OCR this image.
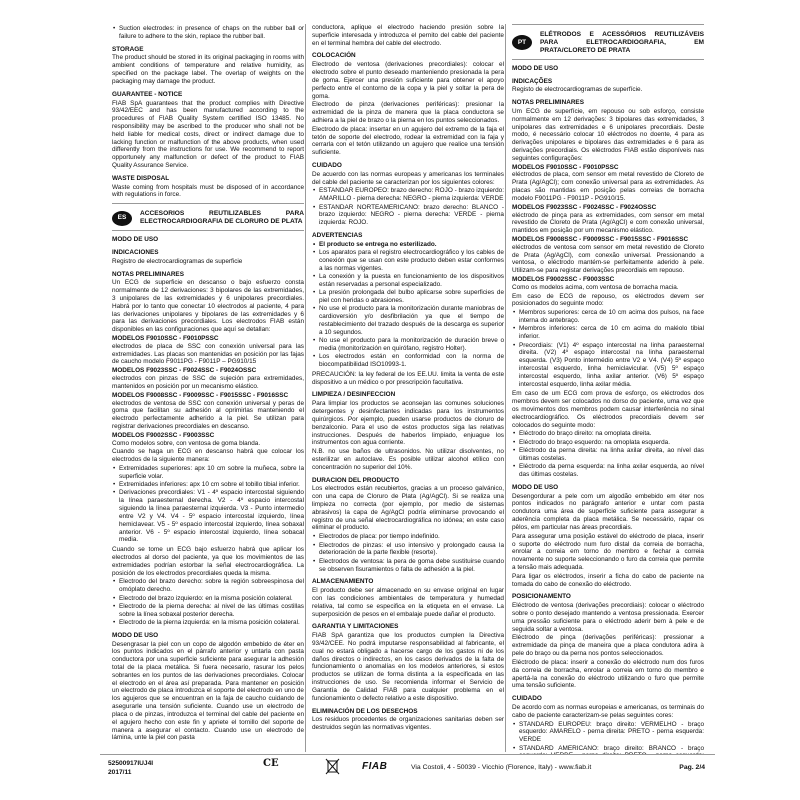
• Suction electrodes: in presence of chaps on the rubber ball or failure to adhere to the skin, replace the rubber ball.
STORAGE
The product should be stored in its original packaging in rooms with ambient conditions of temperature and relative humidity, as specified on the package label. The overlap of weights on the packaging may damage the product.
GUARANTEE - NOTICE
FIAB SpA guarantees that the product complies with Directive 93/42/EEC and has been manufactured according to the procedures of FIAB Quality System certified ISO 13485. No responsibility may be ascribed to the producer who shall not be held liable for medical costs, direct or indirect damage due to lacking function or malfunction of the above products, when used differently from the instructions for use. We recommend to report opportunely any malfunction or defect of the product to FIAB Quality Assurance Service.
WASTE DISPOSAL
Waste coming from hospitals must be disposed of in accordance with regulations in force.
ES
ACCESORIOS REUTILIZABLES PARA ELECTROCARDIOGRAFIA DE CLORURO DE PLATA
MODO DE USO
INDICACIONES
Registro de electrocardiogramas de superficie
NOTAS PRELIMINARES
Un ECG de superficie en descanso o bajo esfuerzo consta normalmente de 12 derivaciones: 3 bipolares de las extremidades, 3 unipolares de las extremidades y 6 unipolares precordiales. Habrá por lo tanto que conectar 10 electrodos al paciente, 4 para las derivaciones unipolares y bipolares de las extremidades y 6 para las derivaciones precordiales. Los electrodos FIAB están disponibles en las configuraciones que aquí se detallan:
MODELOS F9010SSC - F9010PSSC
electrodos de placa de SSC con conexión universal para las extremidades. Las placas son mantenidas en posición por las fajas de caucho modelo F9011PG - F9011P – PG910/15
MODELOS F9023SSC - F9024SSC - F9024OSSC
electrodos con pinzas de SSC de sujeción para extremidades, mantenidos en posición por un mecanismo elástico.
MODELOS F9008SSC - F9009SSC - F9015SSC - F9016SSC
electrodos de ventosa de SSC con conexión universal y peras de goma que facilitan su adhesión al oprimirlas manteniendo el electrodo perfectamente adherido a la piel. Se utilizan para registrar derivaciones precordiales en descanso.
MODELOS F9002SSC - F9003SSC
Como modelos sobre, con ventosa de goma blanda.
Cuando se haga un ECG en descanso habrá que colocar los electrodos de la siguiente manera:
• Extremidades superiores: apx 10 cm sobre la muñeca, sobre la superficie volar.
• Extremidades inferiores: apx 10 cm sobre el tobillo tibial inferior.
• Derivaciones precordiales: V1 - 4º espacio intercostal siguiendo la línea paraesternal derecha. V2 - 4º espacio intercostal siguiendo la línea paraesternal izquierda. V3 - Punto intermedio entre V2 y V4. V4 - 5º espacio intercostal izquierdo, línea hemiclavear. V5 - 5º espacio intercostal izquierdo, línea sobaxal anterior. V6 - 5º espacio intercostal izquierdo, línea sobacal media.
Cuando se tome un ECG bajo esfuerzo habrá que aplicar los electrodos al dorso del paciente, ya que los movimientos de las extremidades podrían estorbar la señal electrocardiográfica. La posición de los electrodos precordiales queda la misma.
• Electrodo del brazo derecho: sobre la región sobreespinosa del omóplato derecho.
• Electrodo del brazo izquierdo: en la misma posición colateral.
• Electrodo de la pierna derecha: al nivel de las últimas costillas sobre la línea sobaxal posterior derecha.
• Electrodo de la pierna izquierda: en la misma posición colateral.
MODO DE USO
Desengrasar la piel con un copo de algodón embebido de éter en los puntos indicados en el párrafo anterior y untarla con pasta conductora por una superficie suficiente para asegurar la adhesión total de la placa metálica. Si fuera necesario, rasurar los pelos sobrantes en los puntos de las derivaciones precordiales. Colocar el electrodo en el área así preparada. Para mantener en posición un electrodo de placa introduzca el soporte del electrodo en uno de los agujeros que se encuentran en la faja de caucho cuidando de asegurarle una tensión suficiente. Cuando use un electrodo de placa o de pinzas, introduzca el terminal del cable del paciente en el agujero hecho con este fin y apriete el tornillo del soporte de manera a asegurar el contacto. Cuando use un electrodo de lámina, unte la piel con pasta
conductora, aplique el electrodo haciendo presión sobre la superficie interesada y introduzca el pernito del cable del paciente en el terminal hembra del cable del electrodo.
COLOCACIÓN
Electrodo de ventosa (derivaciones precordiales): colocar el electrodo sobre el punto deseado manteniendo presionada la pera de goma. Ejercer una presión suficiente para obtener el apoyo perfecto entre el contorno de la copa y la piel y soltar la pera de goma.
Electrodo de pinza (derivaciones periféricas): presionar la extremidad de la pinza de manera que la placa conductora se adhiera a la piel de brazo o la pierna en los puntos seleccionados.
Electrodo de placa: insertar en un agujero del extremo de la faja el tetón de soporte del electrodo, rodear la extremidad con la faja y cerrarla con el tetón utilizando un agujero que realice una tensión suficiente.
CUIDADO
De acuerdo con las normas europeas y americanas los terminales del cable del paciente se caracterizan por los siguientes colores:
• ESTANDAR EUROPEO: brazo derecho: ROJO - brazo izquierdo: AMARILLO - pierna derecha: NEGRO - pierna izquierda: VERDE
• ESTANDAR NORTEAMERICANO: brazo derecho: BLANCO - brazo izquierdo: NEGRO - pierna derecha: VERDE - pierna izquierda: ROJO.
ADVERTENCIAS
• El producto se entrega no esterilizado.
• Los aparatos para el registro electrocardiográfico y los cables de conexión que se usan con este producto deben estar conformes a las normas vigentes.
• La conexión y la puesta en funcionamiento de los dispositivos están reservadas a personal especializado.
• La presión prolongada del bulbo aplicarse sobre superficies de piel con heridas o abrasiones.
• No use el producto para la monitorización durante maniobras de cardioversión y/o desfibrilación ya que el tiempo de restablecimiento del trazado después de la descarga es superior a 10 segundos.
• No use el producto para la monitorización de duración breve o media (monitorización en quirófano, registro Holter).
• Los electrodos están en conformidad con la norma de biocompatibilidad ISO10993-1.
PRECAUCIÓN: la ley federal de los EE.UU. limita la venta de este dispositivo a un médico o por prescripción facultativa.
LIMPIEZA / DESINFECCION
Para limpiar los productos se aconsejan las comunes soluciones detergentes y desinfectantes indicadas para los instrumentos quirúrgicos. Por ejemplo, pueden usarse productos de cloruro de benzalconio. Para el uso de estos productos siga las relativas instrucciones. Después de haberlos limpiado, enjuague los instrumentos con agua corriente.
N.B. no use baños de ultrasonidos. No utilizar disolventes, no esterilizar en autoclave. Es posible utilizar alcohol etílico con concentración no superior del 10%.
DURACION DEL PRODUCTO
Los electrodos están recubiertos, gracias a un proceso galvánico, con una capa de Cloruro de Plata (Ag/AgCl). Si se realiza una limpieza no correcta (por ejemplo, por medio de sistemas abrasivos) la capa de Ag/AgCl podría eliminarse provocando el registro de una señal electrocardiográfica no idónea; en este caso eliminar el producto.
• Electrodos de placa: por tiempo indefinido.
• Electrodos de pinzas: el uso intensivo y prolongado causa la deterioración de la parte flexible (resorte).
• Electrodos de ventosa: la pera de goma debe sustituirse cuando se observen fisuramientos o falta de adhesión a la piel.
ALMACENAMIENTO
El producto debe ser almacenado en su envase original en lugar con las condiciones ambientales de temperatura y humedad relativa, tal como se especifica en la etiqueta en el envase. La superposición de pesos en el embalaje puede dañar el producto.
GARANTIA Y LIMITACIONES
FIAB SpA garantiza que los productos cumplen la Directiva 93/42/CEE. No podrá imputarse responsabilidad al fabricante, el cual no estará obligado a hacerse cargo de los gastos ni de los daños directos o indirectos, en los casos derivados de la falta de funcionamiento o anomalías en los modelos anteriores, si estos productos se utilizan de forma distinta a la especificada en las instrucciones de uso. Se recomienda informar el Servicio de Garantía de Calidad FIAB para cualquier problema en el funcionamiento o defecto relativo a este dispositivo.
ELIMINACIÓN DE LOS DESECHOS
Los residuos procedentes de organizaciones sanitarias deben ser destruidos según las normativas vigentes.
PT
ELÉTRODOS E ACESSÓRIOS REUTILIZÁVEIS PARA ELETROCARDIOGRAFIA, EM PRATA/CLORETO DE PRATA
MODO DE USO
INDICAÇÕES
Registo de electrocardiogramas de superfície.
NOTAS PRELIMINARES
Um ECG de superfície, em repouso ou sob esforço, consiste normalmente em 12 derivações: 3 bipolares das extremidades, 3 unipolares das extremidades e 6 unipolares precordiais. Deste modo, é necessário colocar 10 eléctrodos no doente, 4 para as derivações unipolares e bipolares das extremidades e 6 para as derivações precordiais. Os eléctrodos FIAB estão disponíveis nas seguintes configurações:
MODELOS F9010SSC - F9010PSSC
eléctrodos de placa, com sensor em metal revestido de Cloreto de Prata (Ag/AgCl); com conexão universal para as extremidades. As placas são mantidas em posição pelas correias de borracha modelo F9011PG - F9011P - PG910/15.
MODELOS F9023SSC - F9024SSC - F9024OSSC
eléctrodo de pinça para as extremidades, com sensor em metal revestido de Cloreto de Prata (Ag/AgCl) e com conexão universal, mantidos em posição por um mecanismo elástico.
MODELOS F9008SSC - F9009SSC - F9015SSC - F9016SSC
eléctrodos de ventosa com sensor em metal revestido de Cloreto de Prata (Ag/AgCl), com conexão universal. Pressionando a ventosa, o eléctrodo mantém-se perfeitamente aderido à pele. Utilizam-se para registar derivações precordiais em repouso.
MODELOS F9002SSC - F9003SSC
Como os modelos acima, com ventosa de borracha macia.
Em caso de ECG de repouso, os eléctrodos devem ser posicionados do seguinte modo:
• Membros superiores: cerca de 10 cm acima dos pulsos, na face interna do antebraço.
• Membros inferiores: cerca de 10 cm acima do maléolo tibial inferior.
• Precordiais: (V1) 4º espaço intercostal na linha paraesternal direita. (V2) 4º espaço intercostal na linha paraesternal esquerda. (V3) Ponto intermédio entre V2 e V4. (V4) 5º espaço intercostal esquerdo, linha hemiclavicular. (V5) 5º espaço intercostal esquerdo, linha axilar anterior. (V6) 5º espaço intercostal esquerdo, linha axilar média.
Em caso de um ECG com prova de esforço, os eléctrodos dos membros devem ser colocados no dorso do paciente, uma vez que os movimentos dos membros podem causar interferência no sinal electrocardiográfico. Os eléctrodos precordiais devem ser colocados do seguinte modo:
• Eléctrodo do braço direito: na omoplata direita.
• Eléctrodo do braço esquerdo: na omoplata esquerda.
• Eléctrodo da perna direita: na linha axilar direita, ao nível das últimas costelas.
• Eléctrodo da perna esquerda: na linha axilar esquerda, ao nível das últimas costelas.
MODO DE USO
Desengordurar a pele com um algodão embebido em éter nos pontos indicados no parágrafo anterior e untar com pasta condutora uma área de superfície suficiente para assegurar a aderência completa da placa metálica. Se necessário, rapar os pêlos, em particular nas áreas precordiais.
Para assegurar uma posição estável do eléctrodo de placa, inserir o suporte do eléctrodo num furo distal da correia de borracha, enrolar a correia em torno do membro e fechar a correia novamente no suporte seleccionando o furo da correia que permite a tensão mais adequada.
Para ligar os eléctrodos, inserir a ficha do cabo de paciente na tomada do cabo de conexão do eléctrodo.
POSICIONAMENTO
Eléctrodo de ventosa (derivações precordiais): colocar o eléctrodo sobre o ponto desejado mantendo a ventosa pressionada. Exercer uma pressão suficiente para o eléctrodo aderir bem à pele e de seguida soltar a ventosa.
Eléctrodo de pinça (derivações periféricas): pressionar a extremidade da pinça de maneira que a placa condutora adira à pele do braço ou da perna nos pontos seleccionados.
Eléctrodo de placa: inserir a conexão do eléctrodo num dos furos da correia de borracha, enrolar a correia em torno do membro e apertá-la na conexão do eléctrodo utilizando o furo que permite uma tensão suficiente.
CUIDADO
De acordo com as normas europeias e americanas, os terminais do cabo de paciente caracterizam-se pelas seguintes cores:
• STANDARD EUROPEU: braço direito: VERMELHO - braço esquerdo: AMARELO - perna direita: PRETO - perna esquerda: VERDE
• STANDARD AMERICANO: braço direito: BRANCO - braço
52500917IUJ4I
2017/11
CE	FIAB	Via Costoli, 4 - 50039 - Vicchio (Florence, Italy) - www.fiab.it	Pag. 2/4
